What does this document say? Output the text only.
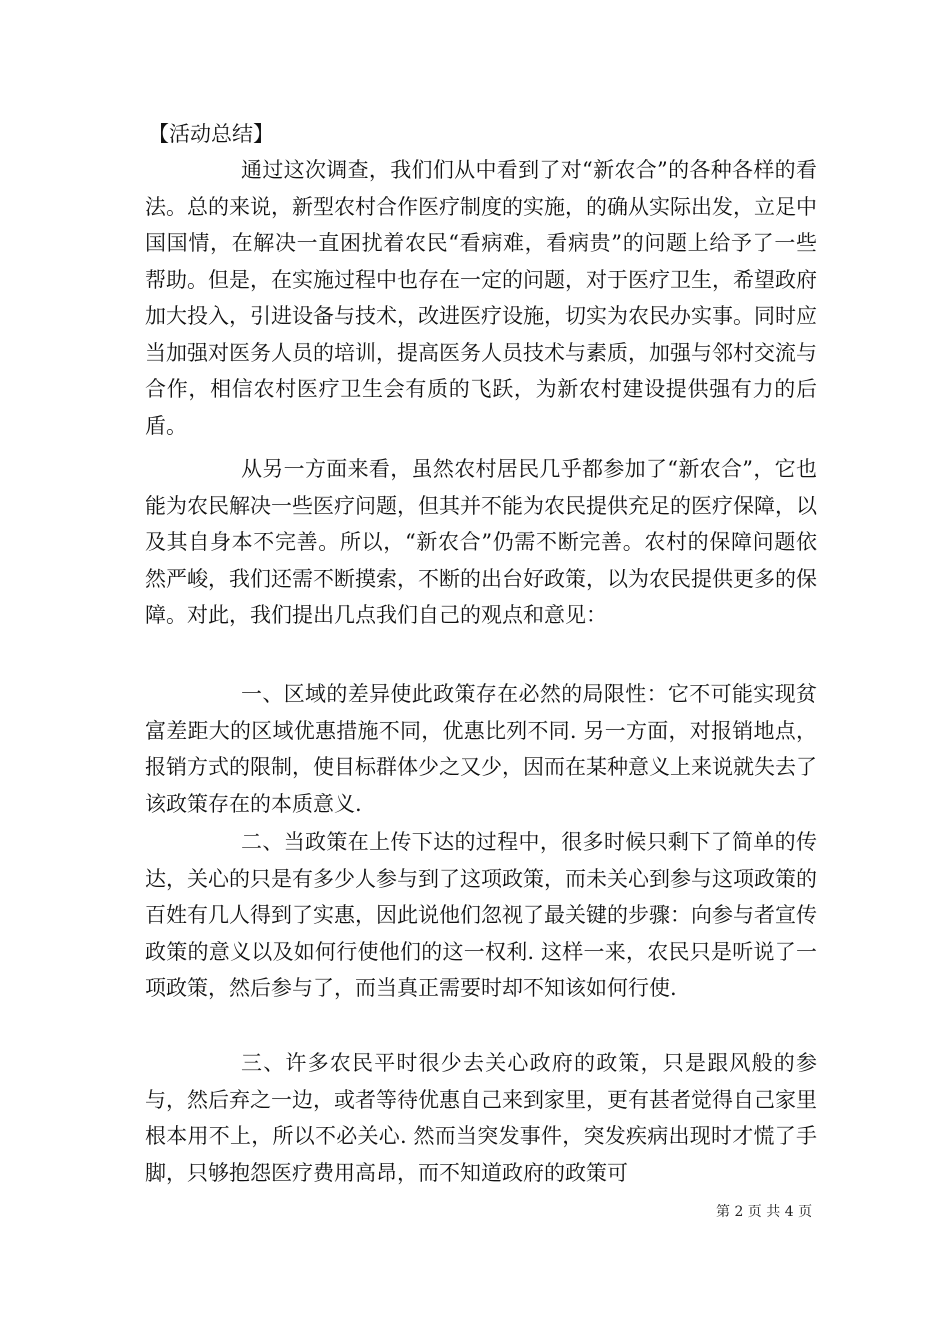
【活动总结】

通过这次调查，我们们从中看到了对“新农合”的各种各样的看法。总的来说，新型农村合作医疗制度的实施，的确从实际出发，立足中国国情，在解决一直困扰着农民“看病难，看病贵”的问题上给予了一些帮助。但是，在实施过程中也存在一定的问题，对于医疗卫生，希望政府加大投入，引进设备与技术，改进医疗设施，切实为农民办实事。同时应当加强对医务人员的培训，提高医务人员技术与素质，加强与邻村交流与合作，相信农村医疗卫生会有质的飞跃，为新农村建设提供强有力的后盾。

从另一方面来看，虽然农村居民几乎都参加了“新农合”，它也能为农民解决一些医疗问题，但其并不能为农民提供充足的医疗保障，以及其自身本不完善。所以，“新农合”仍需不断完善。农村的保障问题依然严峻，我们还需不断摸索，不断的出台好政策，以为农民提供更多的保障。对此，我们提出几点我们自己的观点和意见：

一、区域的差异使此政策存在必然的局限性：它不可能实现贫富差距大的区域优惠措施不同，优惠比列不同. 另一方面，对报销地点，报销方式的限制，使目标群体少之又少，因而在某种意义上来说就失去了该政策存在的本质意义.

二、当政策在上传下达的过程中，很多时候只剩下了简单的传达，关心的只是有多少人参与到了这项政策，而未关心到参与这项政策的百姓有几人得到了实惠，因此说他们忽视了最关键的步骤：向参与者宣传政策的意义以及如何行使他们的这一权利. 这样一来，农民只是听说了一项政策，然后参与了，而当真正需要时却不知该如何行使.

三、许多农民平时很少去关心政府的政策，只是跟风般的参与，然后弃之一边，或者等待优惠自己来到家里，更有甚者觉得自己家里根本用不上，所以不必关心. 然而当突发事件，突发疾病出现时才慌了手脚，只够抱怨医疗费用高昂，而不知道政府的政策可

第 2 页 共 4 页
